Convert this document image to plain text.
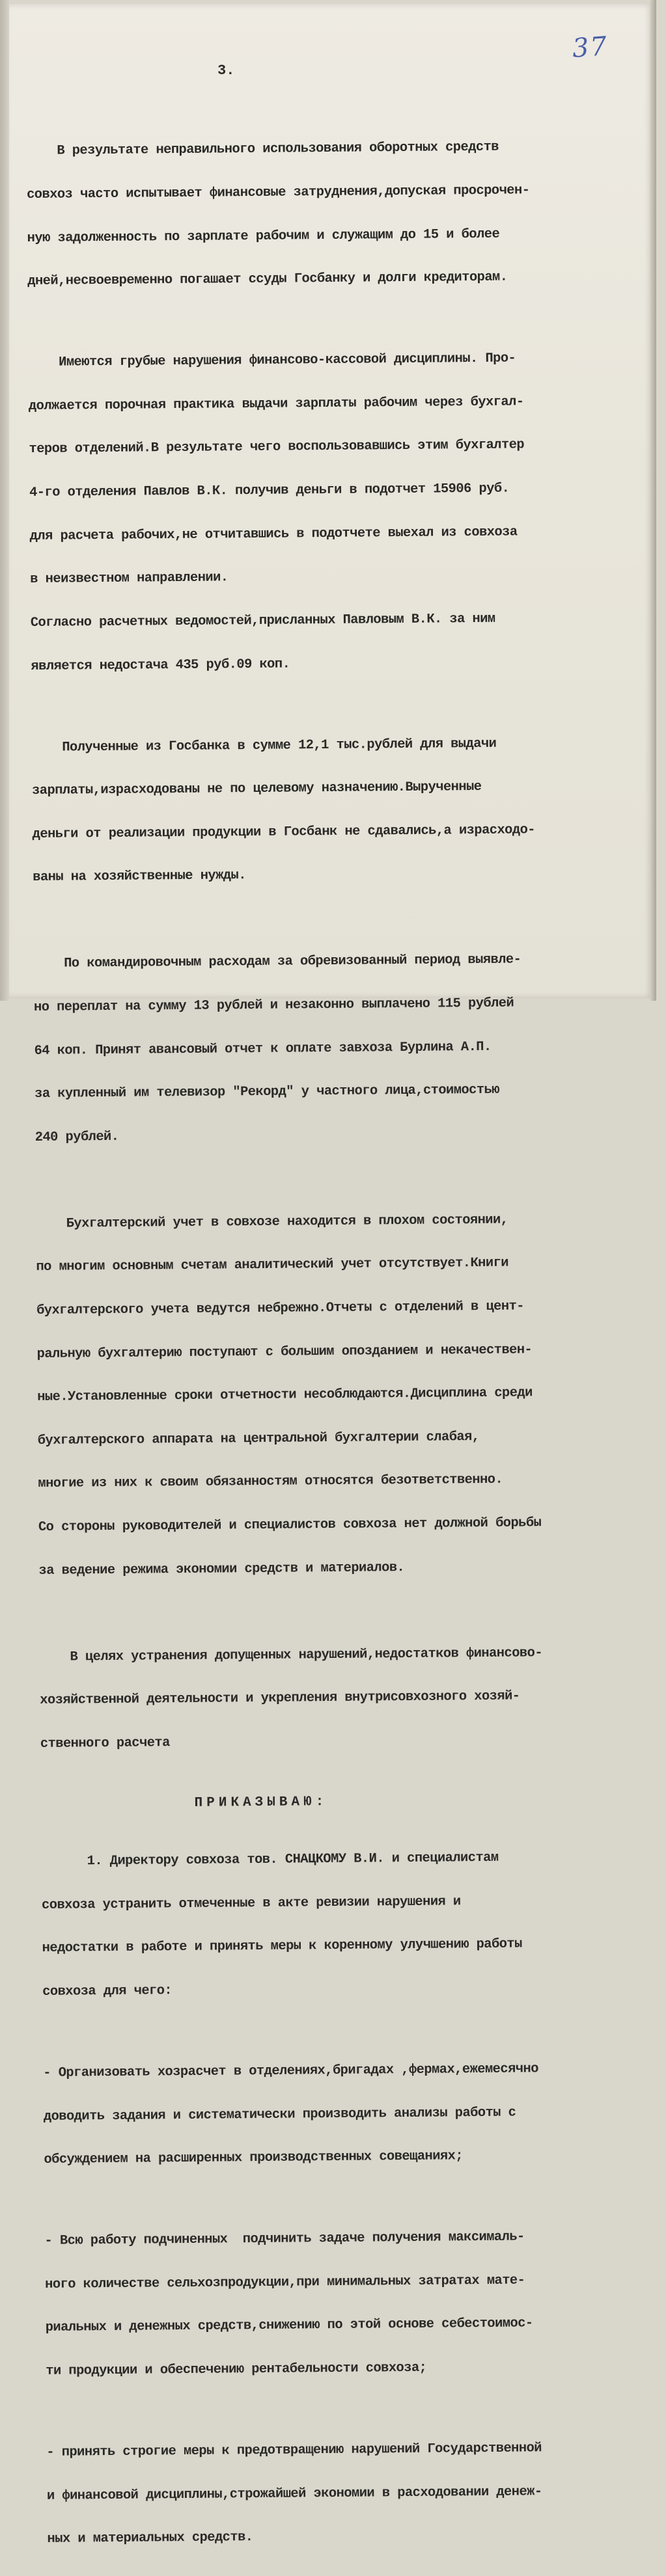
37
3.

В результате неправильного использования оборотных средств

совхоз часто испытывает финансовые затруднения,допуская просрочен-

ную задолженность по зарплате рабочим и служащим до 15 и более

дней,несвоевременно погашает ссуды Госбанку и долги кредиторам.

Имеются грубые нарушения финансово-кассовой дисциплины. Про-

должается порочная практика выдачи зарплаты рабочим через бухгал-

теров отделений.В результате чего воспользовавшись этим бухгалтер

4-го отделения Павлов В.К. получив деньги в подотчет 15906 руб.

для расчета рабочих,не отчитавшись в подотчете выехал из совхоза

в неизвестном направлении.

Согласно расчетных ведомостей,присланных Павловым В.К. за ним

является недостача 435 руб.09 коп.

Полученные из Госбанка в сумме 12,1 тыс.рублей для выдачи

зарплаты,израсходованы не по целевому назначению.Вырученные

деньги от реализации продукции в Госбанк не сдавались,а израсходо-

ваны на хозяйственные нужды.

По командировочным расходам за обревизованный период выявле-

но переплат на сумму 13 рублей и незаконно выплачено 115 рублей

64 коп. Принят авансовый отчет к оплате завхоза Бурлина А.П.

за купленный им телевизор "Рекорд" у частного лица,стоимостью

240 рублей.

Бухгалтерский учет в совхозе находится в плохом состоянии,

по многим основным счетам аналитический учет отсутствует.Книги

бухгалтерского учета ведутся небрежно.Отчеты с отделений в цент-

ральную бухгалтерию поступают с большим опозданием и некачествен-

ные.Установленные сроки отчетности несоблюдаются.Дисциплина среди

бухгалтерского аппарата на центральной бухгалтерии слабая,

многие из них к своим обязанностям относятся безответственно.

Со стороны руководителей и специалистов совхоза нет должной борьбы

за ведение режима экономии средств и материалов.

В целях устранения допущенных нарушений,недостатков финансово-

хозяйственной деятельности и укрепления внутрисовхозного хозяй-

ственного расчета

ПРИКАЗЫВАЮ:

1. Директору совхоза тов. СНАЦКОМУ В.И. и специалистам

совхоза устранить отмеченные в акте ревизии нарушения и

недостатки в работе и принять меры к коренному улучшению работы

совхоза для чего:

- Организовать хозрасчет в отделениях,бригадах ,фермах,ежемесячно

доводить задания и систематически производить анализы работы с

обсуждением на расширенных производственных совещаниях;

- Всю работу подчиненных  подчинить задаче получения максималь-

ного количестве сельхозпродукции,при минимальных затратах мате-

риальных и денежных средств,снижению по этой основе себестоимос-

ти продукции и обеспечению рентабельности совхоза;

- принять строгие меры к предотвращению нарушений Государственной

и финансовой дисциплины,строжайшей экономии в расходовании денеж-

ных и материальных средств.
